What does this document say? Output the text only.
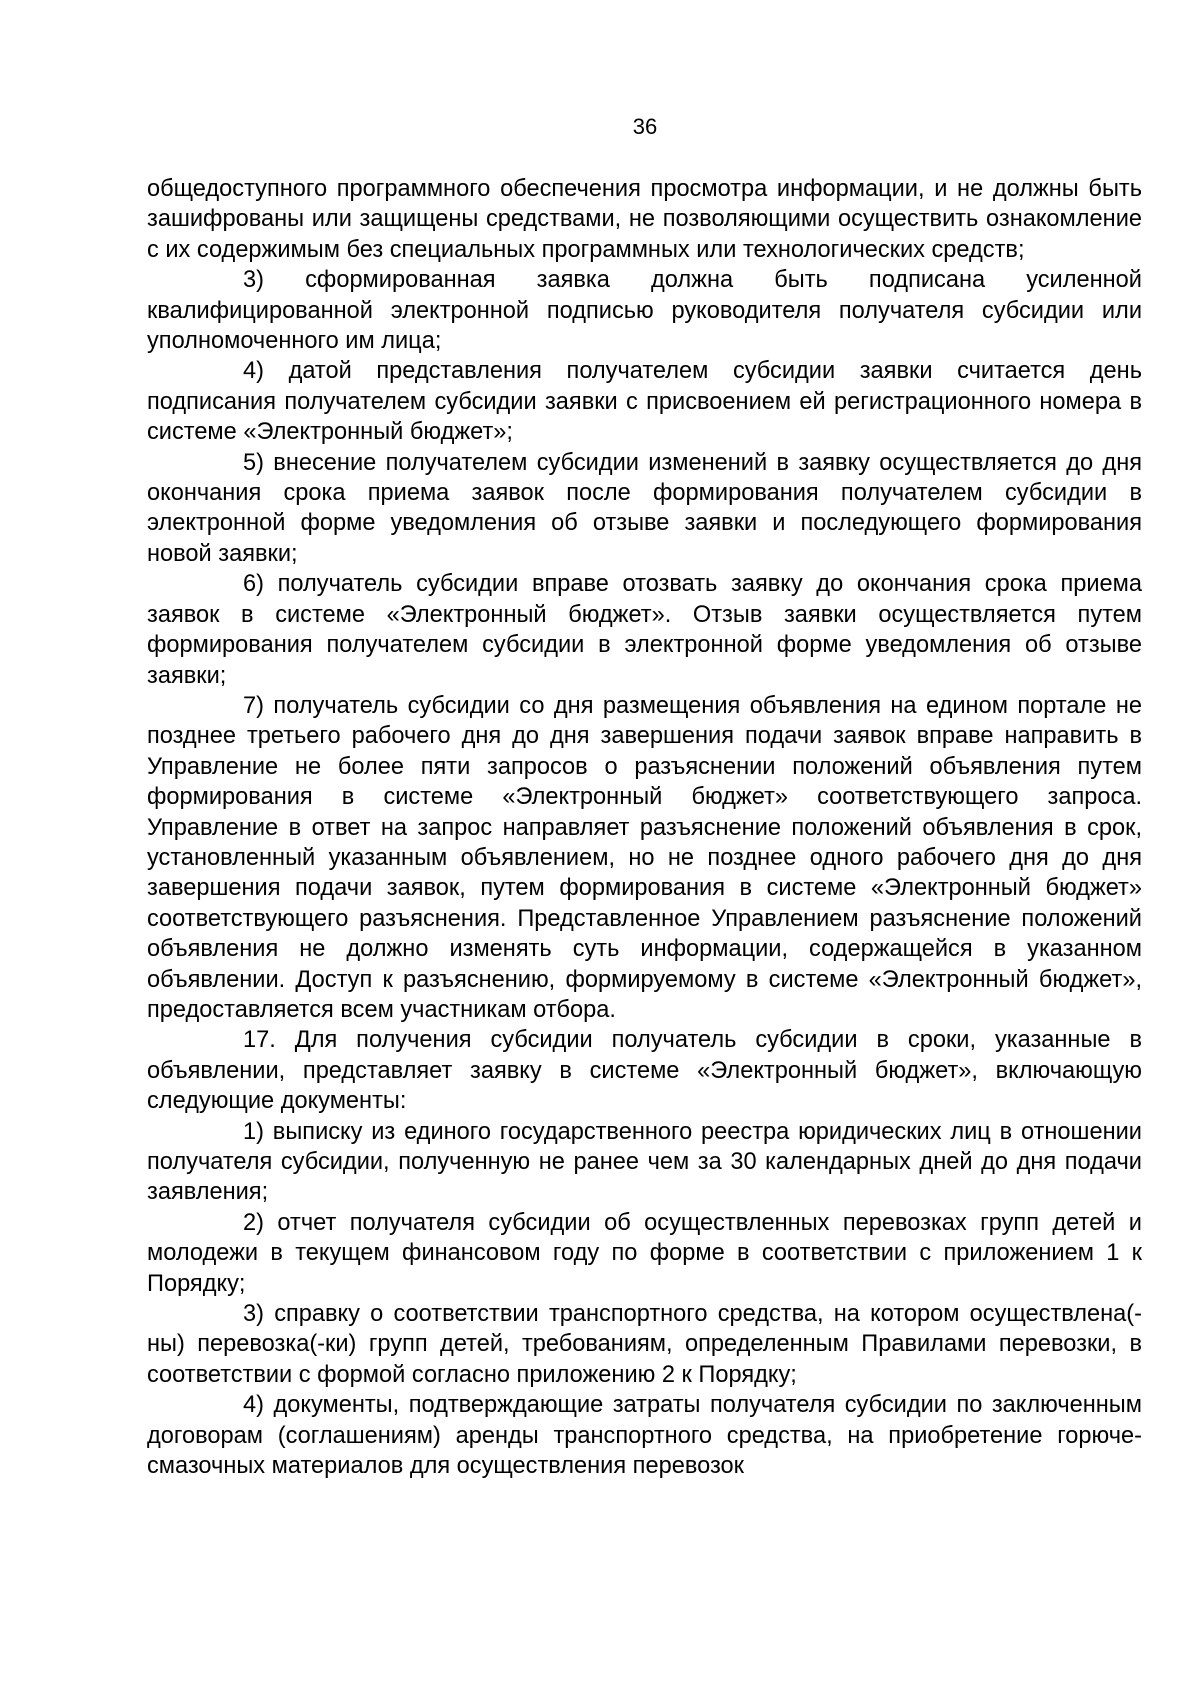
36

общедоступного программного обеспечения просмотра информации, и не должны быть зашифрованы или защищены средствами, не позволяющими осуществить ознакомление с их содержимым без специальных программных или технологических средств;

3) сформированная заявка должна быть подписана усиленной квалифицированной электронной подписью руководителя получателя субсидии или уполномоченного им лица;

4) датой представления получателем субсидии заявки считается день подписания получателем субсидии заявки с присвоением ей регистрационного номера в системе «Электронный бюджет»;

5) внесение получателем субсидии изменений в заявку осуществляется до дня окончания срока приема заявок после формирования получателем субсидии в электронной форме уведомления об отзыве заявки и последующего формирования новой заявки;

6) получатель субсидии вправе отозвать заявку до окончания срока приема заявок в системе «Электронный бюджет». Отзыв заявки осуществляется путем формирования получателем субсидии в электронной форме уведомления об отзыве заявки;

7) получатель субсидии со дня размещения объявления на едином портале не позднее третьего рабочего дня до дня завершения подачи заявок вправе направить в Управление не более пяти запросов о разъяснении положений объявления путем формирования в системе «Электронный бюджет» соответствующего запроса. Управление в ответ на запрос направляет разъяснение положений объявления в срок, установленный указанным объявлением, но не позднее одного рабочего дня до дня завершения подачи заявок, путем формирования в системе «Электронный бюджет» соответствующего разъяснения. Представленное Управлением разъяснение положений объявления не должно изменять суть информации, содержащейся в указанном объявлении. Доступ к разъяснению, формируемому в системе «Электронный бюджет», предоставляется всем участникам отбора.

17. Для получения субсидии получатель субсидии в сроки, указанные в объявлении, представляет заявку в системе «Электронный бюджет», включающую следующие документы:

1) выписку из единого государственного реестра юридических лиц в отношении получателя субсидии, полученную не ранее чем за 30 календарных дней до дня подачи заявления;

2) отчет получателя субсидии об осуществленных перевозках групп детей и молодежи в текущем финансовом году по форме в соответствии с приложением 1 к Порядку;

3) справку о соответствии транспортного средства, на котором осуществлена(-ны) перевозка(-ки) групп детей, требованиям, определенным Правилами перевозки, в соответствии с формой согласно приложению 2 к Порядку;

4) документы, подтверждающие затраты получателя субсидии по заключенным договорам (соглашениям) аренды транспортного средства, на приобретение горюче-смазочных материалов для осуществления перевозок
